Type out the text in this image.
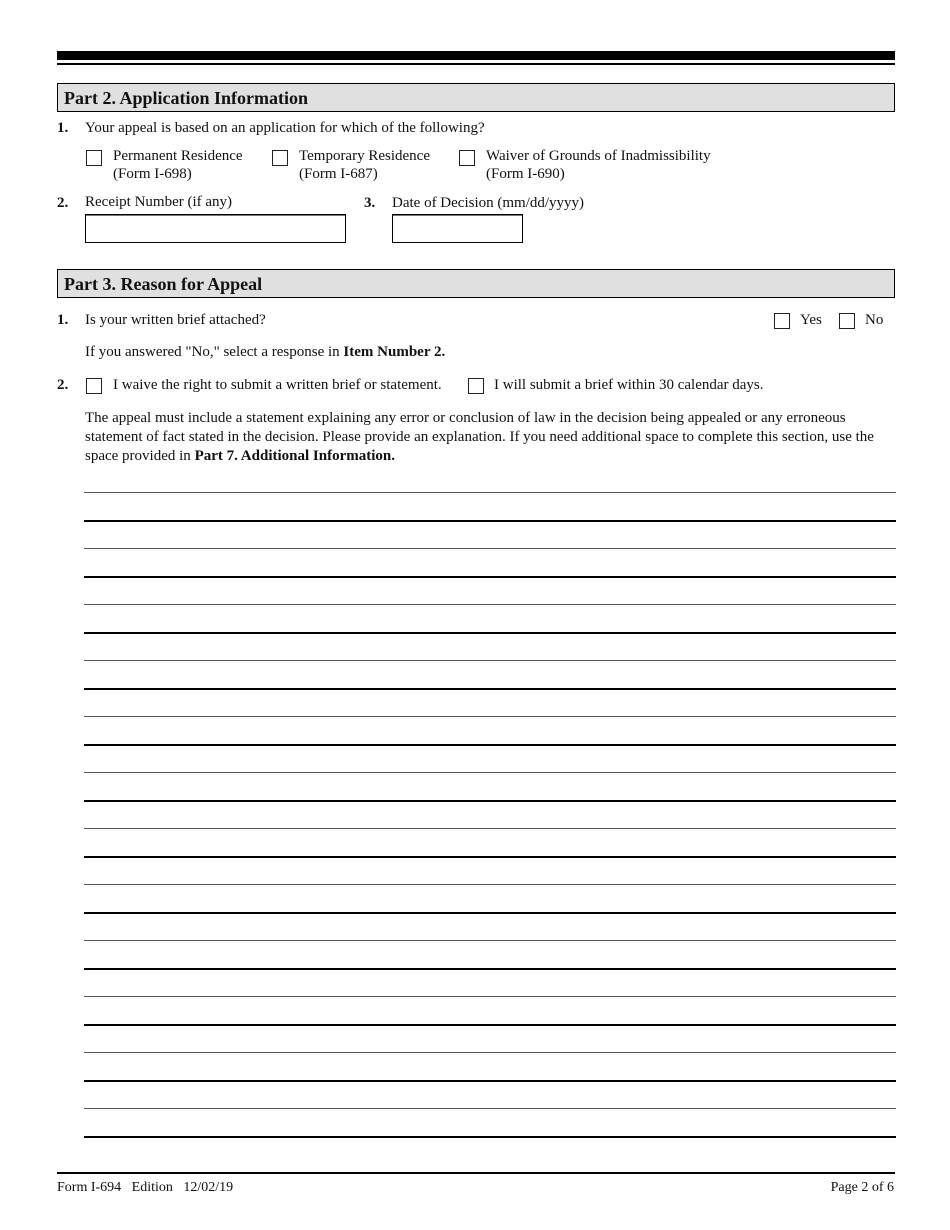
Part 2. Application Information
1. Your appeal is based on an application for which of the following?
Permanent Residence
(Form I-698)
Temporary Residence
(Form I-687)
Waiver of Grounds of Inadmissibility
(Form I-690)
2. Receipt Number (if any)	3. Date of Decision (mm/dd/yyyy)
Part 3. Reason for Appeal
1. Is your written brief attached?	Yes	No
If you answered "No," select a response in Item Number 2.
2.	I waive the right to submit a written brief or statement.	I will submit a brief within 30 calendar days.
The appeal must include a statement explaining any error or conclusion of law in the decision being appealed or any erroneous statement of fact stated in the decision. Please provide an explanation. If you need additional space to complete this section, use the space provided in Part 7. Additional Information.
Form I-694   Edition   12/02/19	Page 2 of 6
